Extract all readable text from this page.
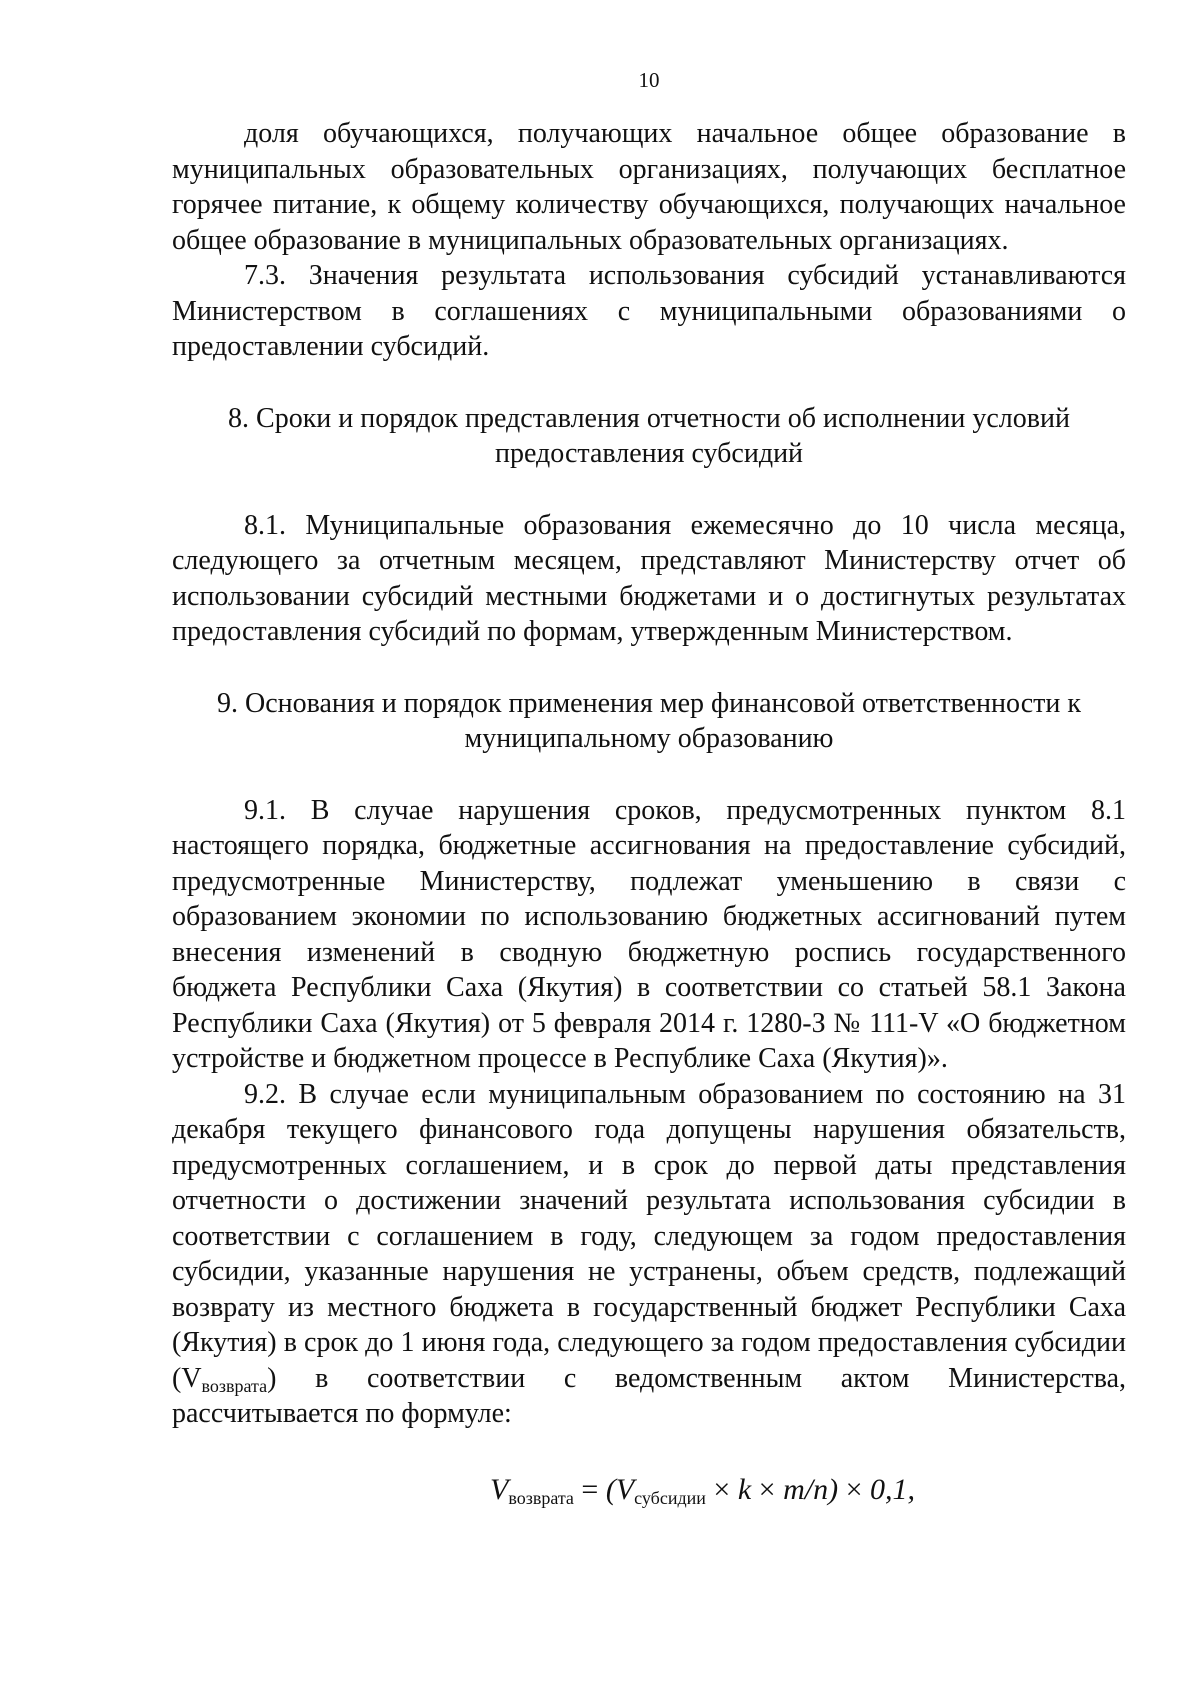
10

доля обучающихся, получающих начальное общее образование в муниципальных образовательных организациях, получающих бесплатное горячее питание, к общему количеству обучающихся, получающих начальное общее образование в муниципальных образовательных организациях.

7.3. Значения результата использования субсидий устанавливаются Министерством в соглашениях с муниципальными образованиями о предоставлении субсидий.

8. Сроки и порядок представления отчетности об исполнении условий
предоставления субсидий

8.1. Муниципальные образования ежемесячно до 10 числа месяца, следующего за отчетным месяцем, представляют Министерству отчет об использовании субсидий местными бюджетами и о достигнутых результатах предоставления субсидий по формам, утвержденным Министерством.

9. Основания и порядок применения мер финансовой ответственности к
муниципальному образованию

9.1. В случае нарушения сроков, предусмотренных пунктом 8.1 настоящего порядка, бюджетные ассигнования на предоставление субсидий, предусмотренные Министерству, подлежат уменьшению в связи с образованием экономии по использованию бюджетных ассигнований путем внесения изменений в сводную бюджетную роспись государственного бюджета Республики Саха (Якутия) в соответствии со статьей 58.1 Закона Республики Саха (Якутия) от 5 февраля 2014 г. 1280-З № 111-V «О бюджетном устройстве и бюджетном процессе в Республике Саха (Якутия)».

9.2. В случае если муниципальным образованием по состоянию на 31 декабря текущего финансового года допущены нарушения обязательств, предусмотренных соглашением, и в срок до первой даты представления отчетности о достижении значений результата использования субсидии в соответствии с соглашением в году, следующем за годом предоставления субсидии, указанные нарушения не устранены, объем средств, подлежащий возврату из местного бюджета в государственный бюджет Республики Саха (Якутия) в срок до 1 июня года, следующего за годом предоставления субсидии $(V_{возврата})$ в соответствии с ведомственным актом Министерства, рассчитывается по формуле:

$V_{возврата} = (V_{субсидии} \times k \times m/n) \times 0,1$,
